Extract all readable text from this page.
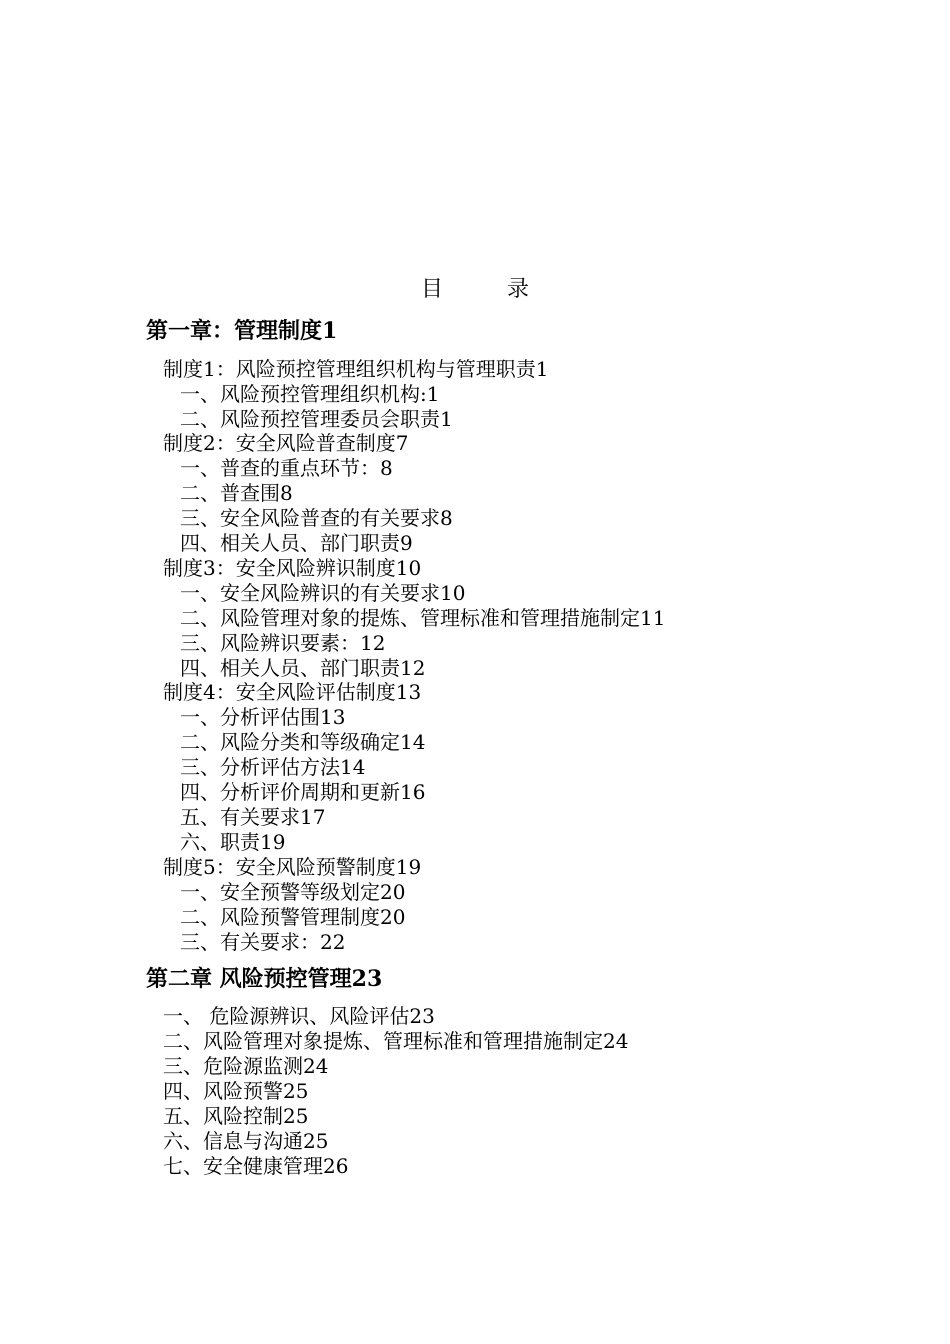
目	录
第一章：管理制度1
制度1：风险预控管理组织机构与管理职责1
一、风险预控管理组织机构:1
二、风险预控管理委员会职责1
制度2：安全风险普查制度7
一、普查的重点环节：8
二、普查围8
三、安全风险普查的有关要求8
四、相关人员、部门职责9
制度3：安全风险辨识制度10
一、安全风险辨识的有关要求10
二、风险管理对象的提炼、管理标准和管理措施制定11
三、风险辨识要素：12
四、相关人员、部门职责12
制度4：安全风险评估制度13
一、分析评估围13
二、风险分类和等级确定14
三、分析评估方法14
四、分析评价周期和更新16
五、有关要求17
六、职责19
制度5：安全风险预警制度19
一、安全预警等级划定20
二、风险预警管理制度20
三、有关要求：22
第二章 风险预控管理23
一、 危险源辨识、风险评估23
二、风险管理对象提炼、管理标准和管理措施制定24
三、危险源监测24
四、风险预警25
五、风险控制25
六、信息与沟通25
七、安全健康管理26
